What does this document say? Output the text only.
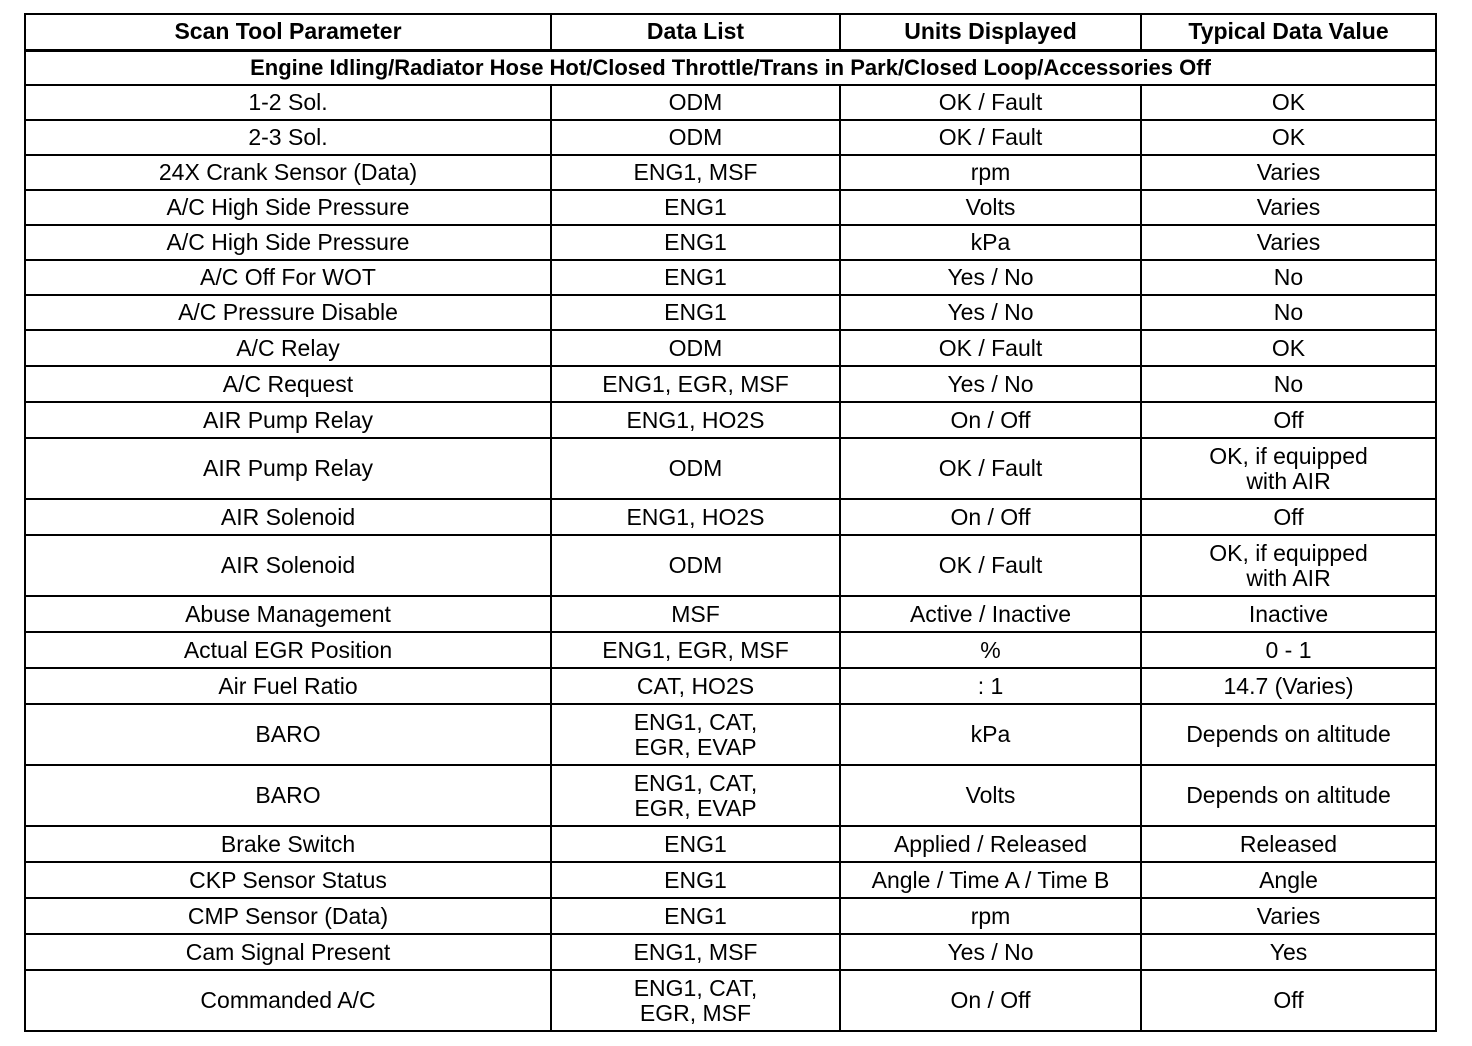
Scan Tool Parameter	Data List	Units Displayed	Typical Data Value
Engine Idling/Radiator Hose Hot/Closed Throttle/Trans in Park/Closed Loop/Accessories Off			

1-2 Sol.	ODM	OK / Fault	OK

2-3 Sol.	ODM	OK / Fault	OK

24X Crank Sensor (Data)	ENG1, MSF	rpm	Varies

A/C High Side Pressure	ENG1	Volts	Varies

A/C High Side Pressure	ENG1	kPa	Varies

A/C Off For WOT	ENG1	Yes / No	No

A/C Pressure Disable	ENG1	Yes / No	No

A/C Relay	ODM	OK / Fault	OK

A/C Request	ENG1, EGR, MSF	Yes / No	No

AIR Pump Relay	ENG1, HO2S	On / Off	Off

AIR Pump Relay	ODM	OK / Fault	OK, if equipped
with AIR

AIR Solenoid	ENG1, HO2S	On / Off	Off

AIR Solenoid	ODM	OK / Fault	OK, if equipped
with AIR

Abuse Management	MSF	Active / Inactive	Inactive

Actual EGR Position	ENG1, EGR, MSF	%	0 - 1

Air Fuel Ratio	CAT, HO2S	: 1	14.7 (Varies)

BARO	ENG1, CAT,
EGR, EVAP	kPa	Depends on altitude

BARO	ENG1, CAT,
EGR, EVAP	Volts	Depends on altitude

Brake Switch	ENG1	Applied / Released	Released

CKP Sensor Status	ENG1	Angle / Time A / Time B	Angle

CMP Sensor (Data)	ENG1	rpm	Varies

Cam Signal Present	ENG1, MSF	Yes / No	Yes

Commanded A/C	ENG1, CAT,
EGR, MSF	On / Off	Off
